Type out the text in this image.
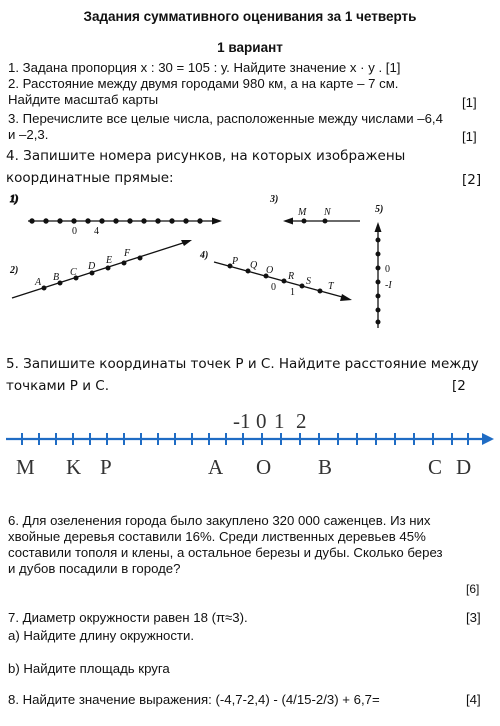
Задания суммативного оценивания за 1 четверть
1 вариант
1. Задана пропорция х : 30 = 105 : у. Найдите значение х · у . [1]
2. Расстояние между двумя городами 980 км, а на карте – 7 см.
Найдите масштаб карты	[1]
3. Перечислите все целые числа, расположенные между числами –6,4
и –2,3.	[1]
4. Запишите номера рисунков, на которых изображены
координатные прямые:	[2]
1)
0 4
2)
A B C
D
E
F
3)
M N
4)
P Q O
R S T
0 1
5)
0
-I
5. Запишите координаты точек Р и С. Найдите расстояние между
точками Р и С.	[2
-1 0 1 2
M K P	A O B	C D
6. Для озеленения города было закуплено 320 000 саженцев. Из них
хвойные деревья составили 16%. Среди лиственных деревьев 45%
составили тополя и клены, а остальное березы и дубы. Сколько берез
и дубов посадили в городе?
[6]
7. Диаметр окружности равен 18 (π≈3).	[3]
a) Найдите длину окружности.
b) Найдите площадь круга
8. Найдите значение выражения: (-4,7-2,4) - (4/15-2/3) + 6,7=	[4]
